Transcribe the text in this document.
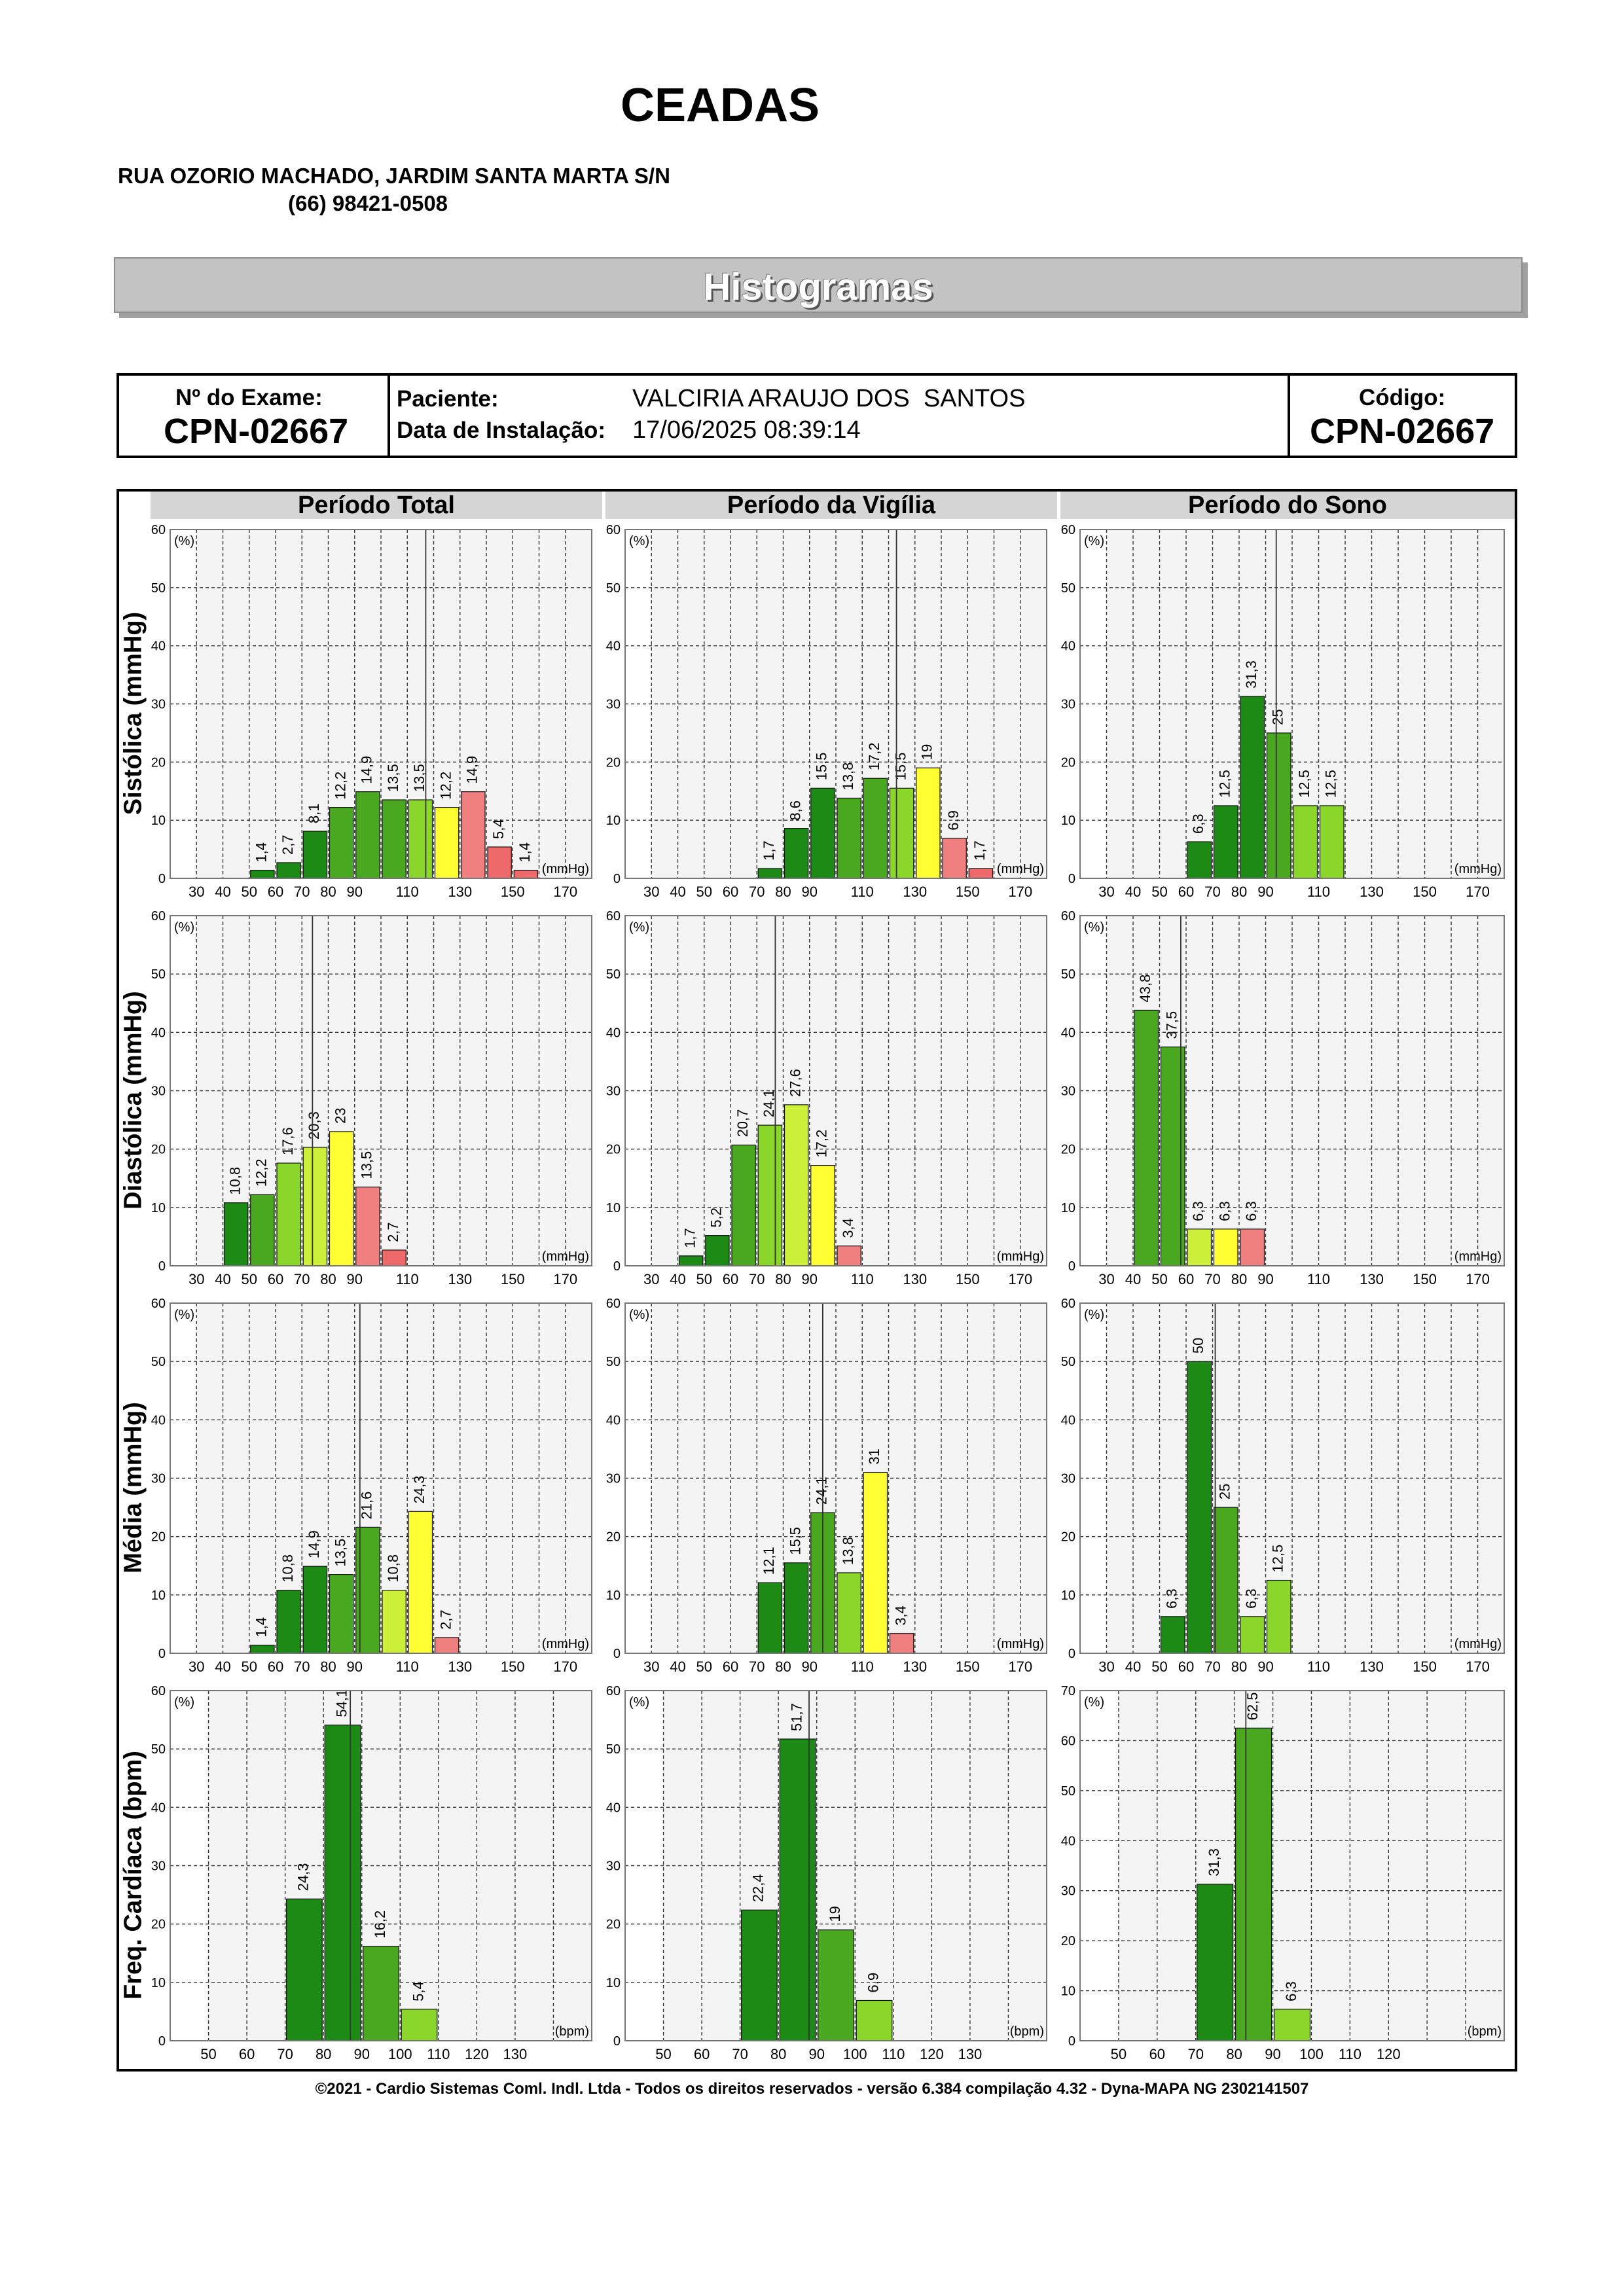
CEADAS
RUA OZORIO MACHADO, JARDIM SANTA MARTA S/N
(66) 98421-0508
Histogramas
Nº do Exame:
CPN-02667
Paciente:	VALCIRIA ARAUJO DOS  SANTOS
Data de Instalação: 17/06/2025 08:39:14
Código:
CPN-02667
Período Total	Período da Vigília	Período do Sono
Sistólica (mmHg)
Diastólica (mmHg)
Média (mmHg)
Freq. Cardíaca (bpm)
0
10
20
30
40
50
60
30 40 50 60 70 80 90 110 130 150 170
1,4 2,7
8,1
12,2
14,9 13,5 13,5 12,2
14,9
5,4
1,4
(%)
(mmHg)
0
10
20
30
40
50
60
30 40 50 60 70 80 90 110 130 150 170
1,7
8,6
15,5 13,8
17,2 15,5
19
6,9
1,7
(%)
(mmHg)
0
10
20
30
40
50
60
30 40 50 60 70 80 90 110 130 150 170
6,3
12,5
31,3
25
12,5 12,5
(%)
(mmHg)
0
10
20
30
40
50
60
30 40 50 60 70 80 90 110 130 150 170
10,8 12,2
17,6
20,3 23
13,5
2,7
(%)
(mmHg)
0
10
20
30
40
50
60
30 40 50 60 70 80 90 110 130 150 170
1,7
5,2
20,7
24,1
27,6
17,2
3,4
(%)
(mmHg)
0
10
20
30
40
50
60
30 40 50 60 70 80 90 110 130 150 170
43,8
37,5
6,3 6,3 6,3
(%)
(mmHg)
0
10
20
30
40
50
60
30 40 50 60 70 80 90 110 130 150 170
1,4
10,8
14,9 13,5
21,6
10,8
24,3
2,7
(%)
(mmHg)
0
10
20
30
40
50
60
30 40 50 60 70 80 90 110 130 150 170
12,1
15,5
24,1
13,8
31
3,4
(%)
(mmHg)
0
10
20
30
40
50
60
30 40 50 60 70 80 90 110 130 150 170
6,3
50
25
6,3
12,5
(%)
(mmHg)
0
10
20
30
40
50
60
50 60 70 80 90 100 110 120 130
24,3
54,1
16,2
5,4
(%)
(bpm)
0
10
20
30
40
50
60
50 60 70 80 90 100 110 120 130
22,4
51,7
19
6,9
(%)
(bpm)
0
10
20
30
40
50
60
70
50 60 70 80 90 100 110 120
31,3
62,5
6,3
(%)
(bpm)
©2021 - Cardio Sistemas Coml. Indl. Ltda - Todos os direitos reservados - versão 6.384 compilação 4.32 - Dyna-MAPA NG 2302141507
